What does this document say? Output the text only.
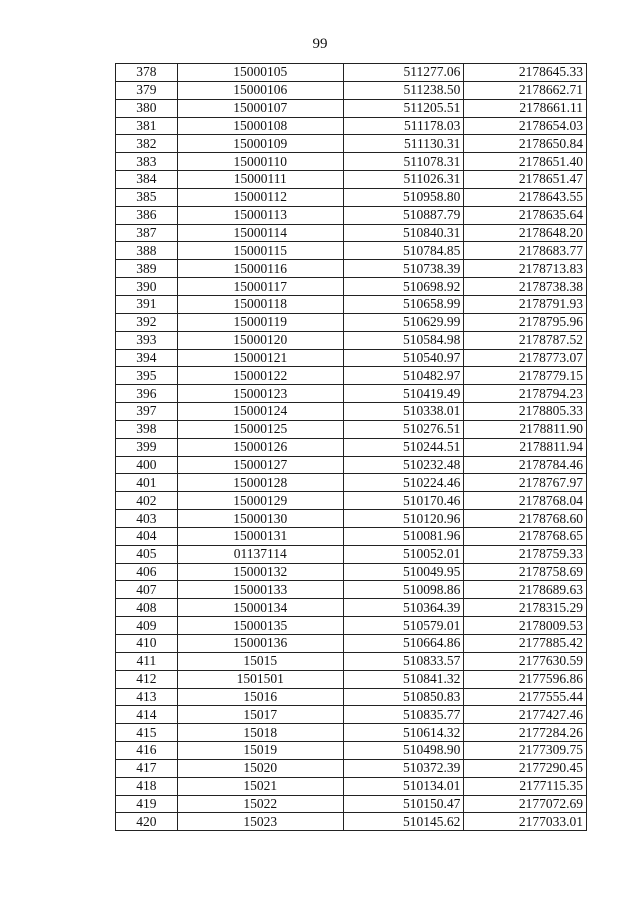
99
378	15000105	511277.06	2178645.33
379	15000106	511238.50	2178662.71
380	15000107	511205.51	2178661.11
381	15000108	511178.03	2178654.03
382	15000109	511130.31	2178650.84
383	15000110	511078.31	2178651.40
384	15000111	511026.31	2178651.47
385	15000112	510958.80	2178643.55
386	15000113	510887.79	2178635.64
387	15000114	510840.31	2178648.20
388	15000115	510784.85	2178683.77
389	15000116	510738.39	2178713.83
390	15000117	510698.92	2178738.38
391	15000118	510658.99	2178791.93
392	15000119	510629.99	2178795.96
393	15000120	510584.98	2178787.52
394	15000121	510540.97	2178773.07
395	15000122	510482.97	2178779.15
396	15000123	510419.49	2178794.23
397	15000124	510338.01	2178805.33
398	15000125	510276.51	2178811.90
399	15000126	510244.51	2178811.94
400	15000127	510232.48	2178784.46
401	15000128	510224.46	2178767.97
402	15000129	510170.46	2178768.04
403	15000130	510120.96	2178768.60
404	15000131	510081.96	2178768.65
405	01137114	510052.01	2178759.33
406	15000132	510049.95	2178758.69
407	15000133	510098.86	2178689.63
408	15000134	510364.39	2178315.29
409	15000135	510579.01	2178009.53
410	15000136	510664.86	2177885.42
411	15015	510833.57	2177630.59
412	1501501	510841.32	2177596.86
413	15016	510850.83	2177555.44
414	15017	510835.77	2177427.46
415	15018	510614.32	2177284.26
416	15019	510498.90	2177309.75
417	15020	510372.39	2177290.45
418	15021	510134.01	2177115.35
419	15022	510150.47	2177072.69
420	15023	510145.62	2177033.01
